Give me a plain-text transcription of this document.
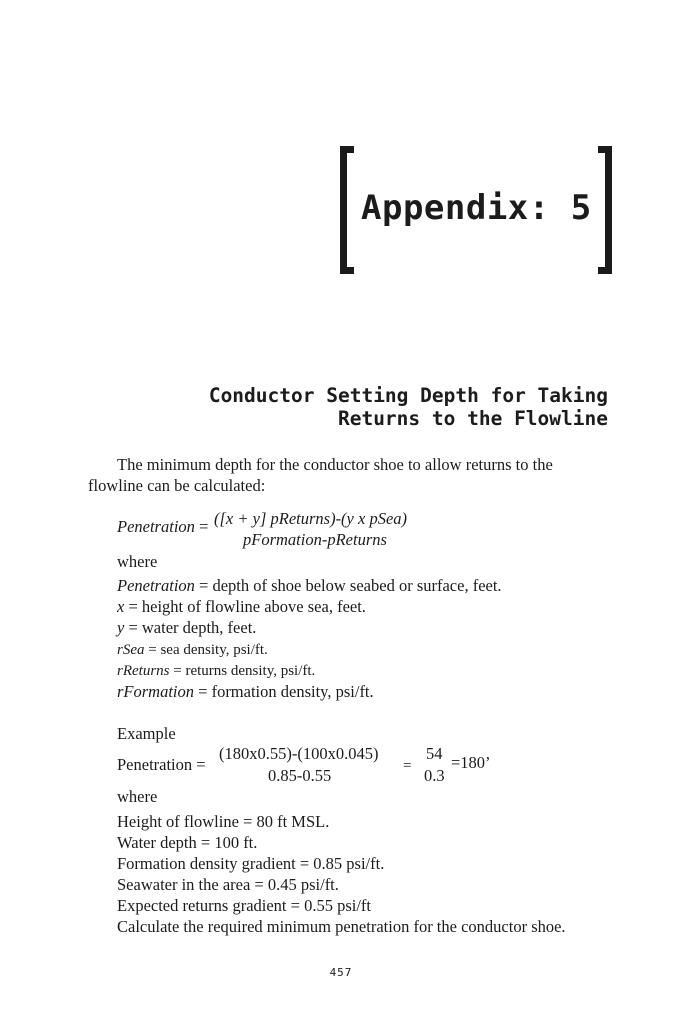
Appendix: 5
Conductor Setting Depth for Taking
Returns to the Flowline
The minimum depth for the conductor shoe to allow returns to the
flowline can be calculated:
Penetration = ([x + y] pReturns)-(y x pSea)
pFormation-pReturns
where
Penetration = depth of shoe below seabed or surface, feet.
x = height of flowline above sea, feet.
y = water depth, feet.
rSea = sea density, psi/ft.
rReturns = returns density, psi/ft.
rFormation = formation density, psi/ft.
Example
Penetration =
(180x0.55)-(100x0.045)
0.85-0.55	=
54
0.3
=180’
where
Height of flowline = 80 ft MSL.
Water depth = 100 ft.
Formation density gradient = 0.85 psi/ft.
Seawater in the area = 0.45 psi/ft.
Expected returns gradient = 0.55 psi/ft
Calculate the required minimum penetration for the conductor shoe.
457
